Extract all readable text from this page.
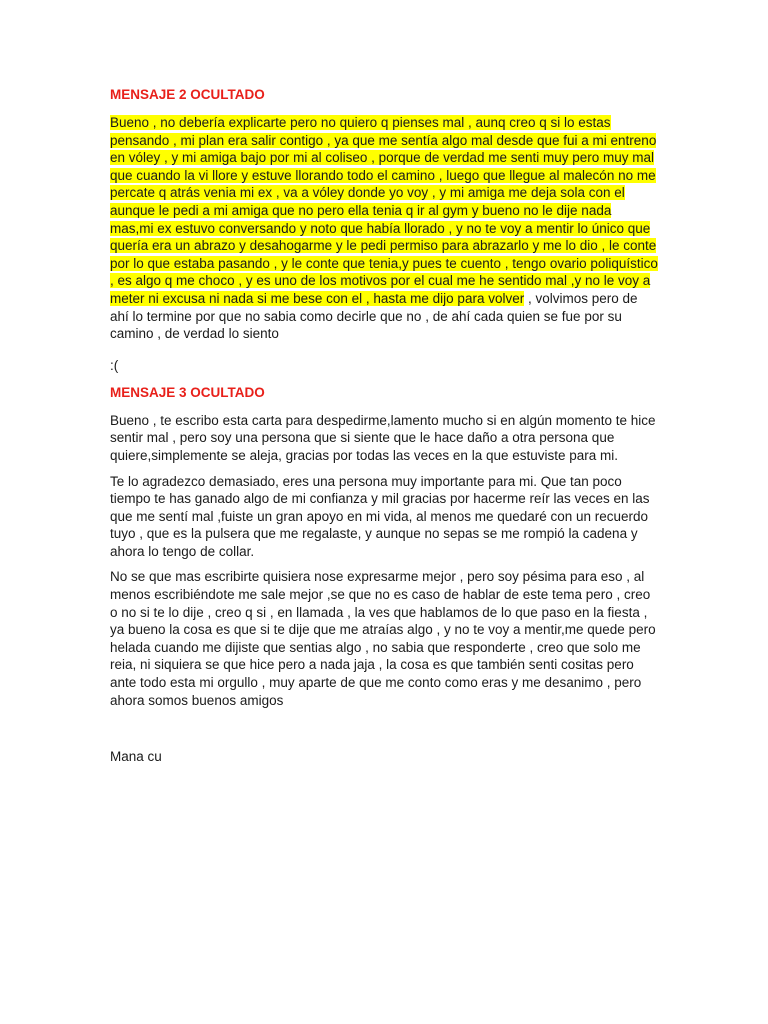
MENSAJE 2 OCULTADO

Bueno , no debería explicarte pero no quiero q pienses mal , aunq creo q si lo estas pensando , mi plan era salir contigo , ya que me sentía algo mal desde que fui a mi entreno en vóley , y mi amiga bajo por mi al coliseo , porque de verdad me senti muy pero muy mal que cuando la vi llore y estuve llorando todo el camino , luego que llegue al malecón no me percate q atrás venia mi ex , va a vóley donde yo voy , y mi amiga me deja sola con el aunque le pedi a mi amiga que no pero ella tenia q ir al gym y bueno no le dije nada mas,mi ex estuvo conversando y noto que había llorado , y no te voy a mentir lo único que quería era un abrazo y desahogarme y le pedi permiso para abrazarlo y me lo dio , le conte por lo que estaba pasando , y le conte que tenia,y pues te cuento , tengo ovario poliquístico , es algo q me choco , y es uno de los motivos por el cual me he sentido mal ,y no le voy a meter ni excusa ni nada si me bese con el , hasta me dijo para volver , volvimos pero de ahí lo termine por que no sabia como decirle que no , de ahí cada quien se fue por su camino , de verdad lo siento

:(
MENSAJE 3 OCULTADO

Bueno , te escribo esta carta para despedirme,lamento mucho si en algún momento te hice sentir mal , pero soy una persona que si siente que le hace daño a otra persona que quiere,simplemente se aleja, gracias por todas las veces en la que estuviste para mi.

Te lo agradezco demasiado, eres una persona muy importante para mi. Que tan poco tiempo te has ganado algo de mi confianza y mil gracias por hacerme reír las veces en las que me sentí mal ,fuiste un gran apoyo en mi vida, al menos me quedaré con un recuerdo tuyo , que es la pulsera que me regalaste, y aunque no sepas se me rompió la cadena y ahora lo tengo de collar.

No se que mas escribirte quisiera nose expresarme mejor , pero soy pésima para eso , al menos escribiéndote me sale mejor ,se que no es caso de hablar de este tema pero , creo o no si te lo dije , creo q si , en llamada , la ves que hablamos de lo que paso en la fiesta , ya bueno la cosa es que si te dije que me atraías algo , y no te voy a mentir,me quede pero helada cuando me dijiste que sentias algo , no sabia que responderte , creo que solo me reia, ni siquiera se que hice pero a nada jaja , la cosa es que también senti cositas pero ante todo esta mi orgullo , muy aparte de que me conto como eras y me desanimo , pero ahora somos buenos amigos

Mana cu
